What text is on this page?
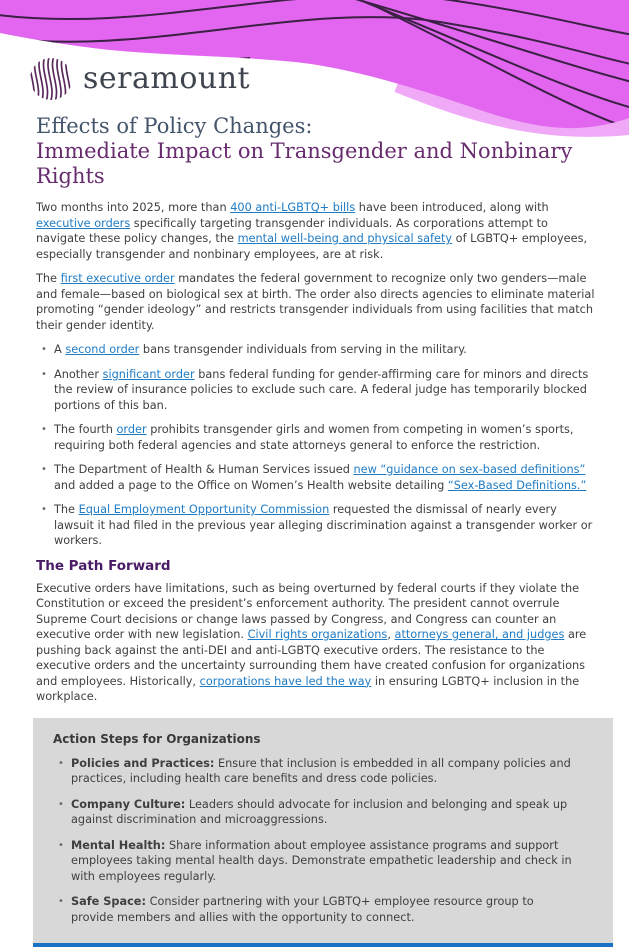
seramount
Effects of Policy Changes:
Immediate Impact on Transgender and Nonbinary
Rights

Two months into 2025, more than 400 anti-LGBTQ+ bills have been introduced, along with executive orders specifically targeting transgender individuals. As corporations attempt to navigate these policy changes, the mental well-being and physical safety of LGBTQ+ employees, especially transgender and nonbinary employees, are at risk.

The first executive order mandates the federal government to recognize only two genders—male and female—based on biological sex at birth. The order also directs agencies to eliminate material promoting “gender ideology” and restricts transgender individuals from using facilities that match their gender identity.

•
A second order bans transgender individuals from serving in the military.
•
Another significant order bans federal funding for gender-affirming care for minors and directs the review of insurance policies to exclude such care. A federal judge has temporarily blocked portions of this ban.
•
The fourth order prohibits transgender girls and women from competing in women’s sports, requiring both federal agencies and state attorneys general to enforce the restriction.
•
The Department of Health & Human Services issued new “guidance on sex-based definitions” and added a page to the Office on Women’s Health website detailing “Sex-Based Definitions.”
•
The Equal Employment Opportunity Commission requested the dismissal of nearly every lawsuit it had filed in the previous year alleging discrimination against a transgender worker or workers.
The Path Forward

Executive orders have limitations, such as being overturned by federal courts if they violate the Constitution or exceed the president’s enforcement authority. The president cannot overrule Supreme Court decisions or change laws passed by Congress, and Congress can counter an executive order with new legislation. Civil rights organizations, attorneys general, and judges are pushing back against the anti-DEI and anti-LGBTQ executive orders. The resistance to the executive orders and the uncertainty surrounding them have created confusion for organizations and employees. Historically, corporations have led the way in ensuring LGBTQ+ inclusion in the workplace.

Action Steps for Organizations
•
Policies and Practices: Ensure that inclusion is embedded in all company policies and practices, including health care benefits and dress code policies.
•
Company Culture: Leaders should advocate for inclusion and belonging and speak up against discrimination and microaggressions.
•
Mental Health: Share information about employee assistance programs and support employees taking mental health days. Demonstrate empathetic leadership and check in with employees regularly.
•
Safe Space: Consider partnering with your LGBTQ+ employee resource group to provide members and allies with the opportunity to connect.
